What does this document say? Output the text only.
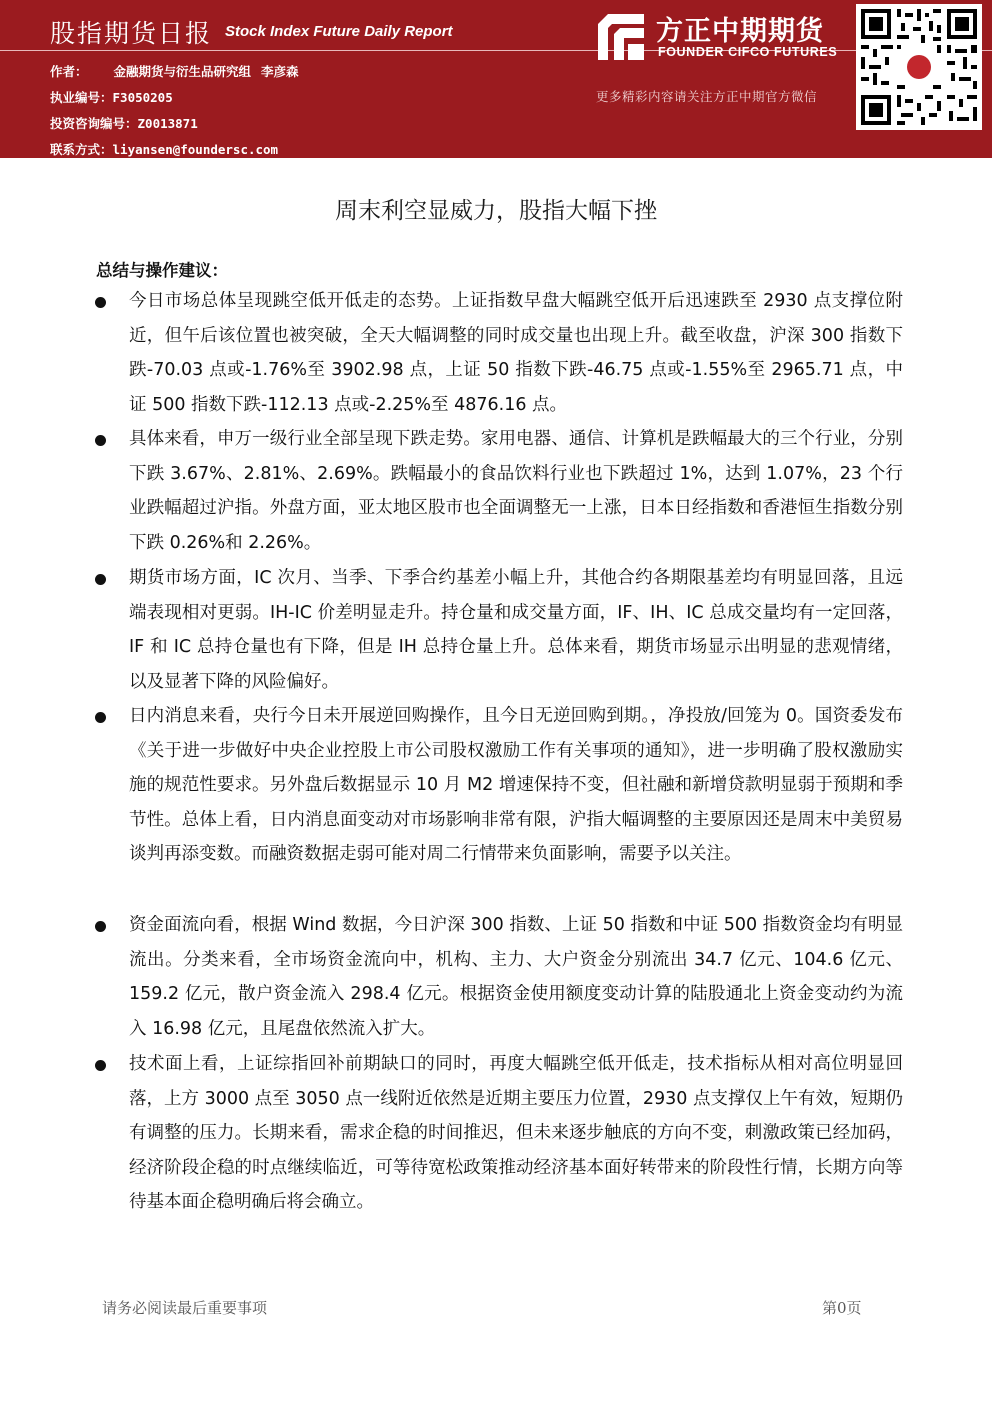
股指期货日报 Stock Index Future Daily Report
作者： 金融期货与衍生品研究组 李彦森
执业编号：F3050205
投资咨询编号：Z0013871
联系方式：liyansen@foundersc.com
方正中期期货
FOUNDER CIFCO FUTURES
更多精彩内容请关注方正中期官方微信
周末利空显威力，股指大幅下挫
总结与操作建议：

今日市场总体呈现跳空低开低走的态势。上证指数早盘大幅跳空低开后迅速跌至 2930 点支撑位附近，但午后该位置也被突破，全天大幅调整的同时成交量也出现上升。截至收盘，沪深 300 指数下跌-70.03 点或-1.76%至 3902.98 点，上证 50 指数下跌-46.75 点或-1.55%至 2965.71 点，中证 500 指数下跌-112.13 点或-2.25%至 4876.16 点。

具体来看，申万一级行业全部呈现下跌走势。家用电器、通信、计算机是跌幅最大的三个行业，分别下跌 3.67%、2.81%、2.69%。跌幅最小的食品饮料行业也下跌超过 1%，达到 1.07%，23 个行业跌幅超过沪指。外盘方面，亚太地区股市也全面调整无一上涨，日本日经指数和香港恒生指数分别下跌 0.26%和 2.26%。

期货市场方面，IC 次月、当季、下季合约基差小幅上升，其他合约各期限基差均有明显回落，且远端表现相对更弱。IH-IC 价差明显走升。持仓量和成交量方面，IF、IH、IC 总成交量均有一定回落，IF 和 IC 总持仓量也有下降，但是 IH 总持仓量上升。总体来看，期货市场显示出明显的悲观情绪，以及显著下降的风险偏好。

日内消息来看，央行今日未开展逆回购操作，且今日无逆回购到期。，净投放/回笼为 0。国资委发布《关于进一步做好中央企业控股上市公司股权激励工作有关事项的通知》，进一步明确了股权激励实施的规范性要求。另外盘后数据显示 10 月 M2 增速保持不变，但社融和新增贷款明显弱于预期和季节性。总体上看，日内消息面变动对市场影响非常有限，沪指大幅调整的主要原因还是周末中美贸易谈判再添变数。而融资数据走弱可能对周二行情带来负面影响，需要予以关注。

资金面流向看，根据 Wind 数据，今日沪深 300 指数、上证 50 指数和中证 500 指数资金均有明显流出。分类来看，全市场资金流向中，机构、主力、大户资金分别流出 34.7 亿元、104.6 亿元、159.2 亿元，散户资金流入 298.4 亿元。根据资金使用额度变动计算的陆股通北上资金变动约为流入 16.98 亿元，且尾盘依然流入扩大。

技术面上看，上证综指回补前期缺口的同时，再度大幅跳空低开低走，技术指标从相对高位明显回落，上方 3000 点至 3050 点一线附近依然是近期主要压力位置，2930 点支撑仅上午有效，短期仍有调整的压力。长期来看，需求企稳的时间推迟，但未来逐步触底的方向不变，刺激政策已经加码，经济阶段企稳的时点继续临近，可等待宽松政策推动经济基本面好转带来的阶段性行情，长期方向等待基本面企稳明确后将会确立。

请务必阅读最后重要事项	第0页
